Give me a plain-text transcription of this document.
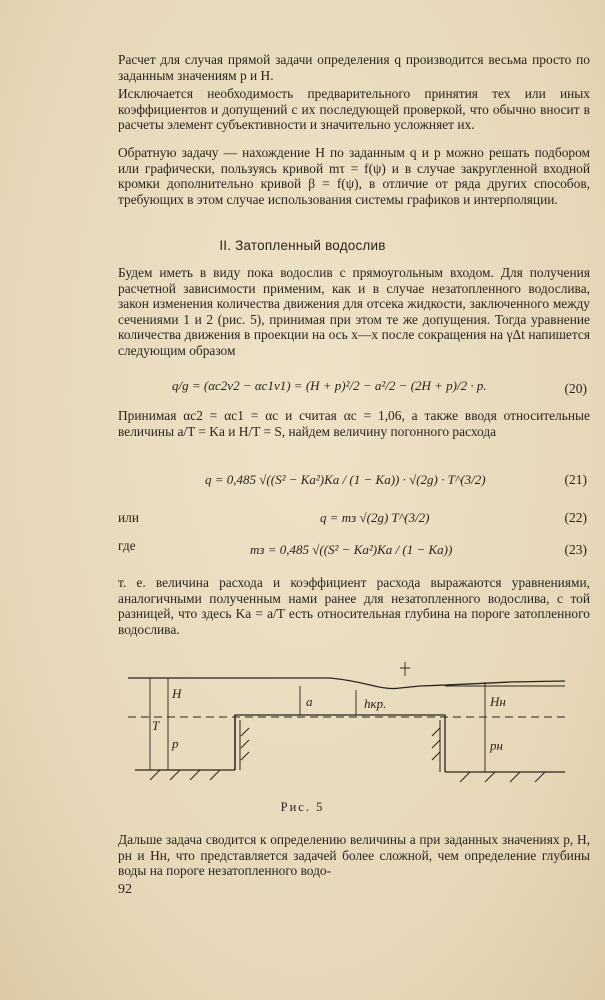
Расчет для случая прямой задачи определения q производится весьма просто по заданным значениям p и H.

Исключается необходимость предварительного принятия тех или иных коэффициентов и допущений с их последующей проверкой, что обычно вносит в расчеты элемент субъективности и значительно усложняет их.

Обратную задачу — нахождение H по заданным q и p можно решать подбором или графически, пользуясь кривой mτ = f(ψ) и в случае закругленной входной кромки дополнительно кривой β = f(ψ), в отличие от ряда других способов, требующих в этом случае использования системы графиков и интерполяции.

II. Затопленный водослив

Будем иметь в виду пока водослив с прямоугольным входом. Для получения расчетной зависимости применим, как и в случае незатопленного водослива, закон изменения количества движения для отсека жидкости, заключенного между сечениями 1 и 2 (рис. 5), принимая при этом те же допущения. Тогда уравнение количества движения в проекции на ось x—x после сокращения на γΔt напишется следующим образом

q/g = (αc2v2 − αc1v1) = (H + p)²/2 − a²/2 − (2H + p)/2 · p.	(20)

Принимая αc2 = αc1 = αc и считая αc = 1,06, а также вводя относительные величины a/T = Kа и H/T = S, найдем величину погонного расхода

q = 0,485 √((S² − Kа²)Kа / (1 − Kа)) · √(2g) · T^(3/2)	(21)
или	q = mз √(2g) T^(3/2)	(22)
где	mз = 0,485 √((S² − Kа²)Kа / (1 − Kа))	(23)

т. е. величина расхода и коэффициент расхода выражаются уравнениями, аналогичными полученным нами ранее для незатопленного водослива, с той разницей, что здесь Kа = a/T есть относительная глубина на пороге затопленного водослива.

H
T
p
a	hкр.	Hн
pн
Рис. 5

Дальше задача сводится к определению величины a при заданных значениях p, H, pн и Hн, что представляется задачей более сложной, чем определение глубины воды на пороге незатопленного водо-

92
